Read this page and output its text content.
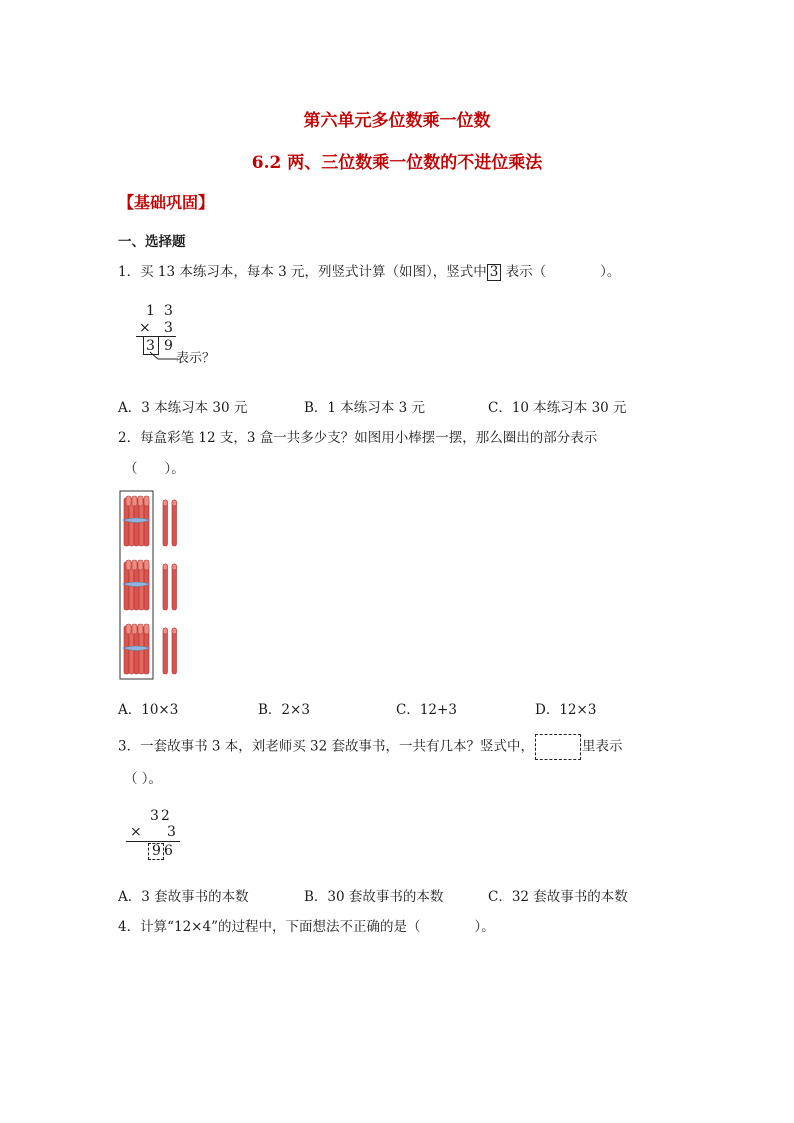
第六单元多位数乘一位数
6.2 两、三位数乘一位数的不进位乘法
【基础巩固】
一、选择题
1．买 13 本练习本，每本 3 元，列竖式计算（如图），竖式中 3 表示（　　　　）。
1 3
× 3
3 9
表示？
A．3 本练习本 30 元	B．1 本练习本 3 元	C．10 本练习本 30 元
2．每盒彩笔 12 支，3 盒一共多少支？如图用小棒摆一摆，那么圈出的部分表示
（　　）。
A．10×3	B．2×3	C．12+3	D．12×3
3．一套故事书 3 本，刘老师买 32 套故事书，一共有几本？竖式中，	里表示
（ ）。
32
× 3
9 6
A．3 套故事书的本数	B．30 套故事书的本数	C．32 套故事书的本数
4．计算“12×4”的过程中，下面想法不正确的是（　　　　）。
